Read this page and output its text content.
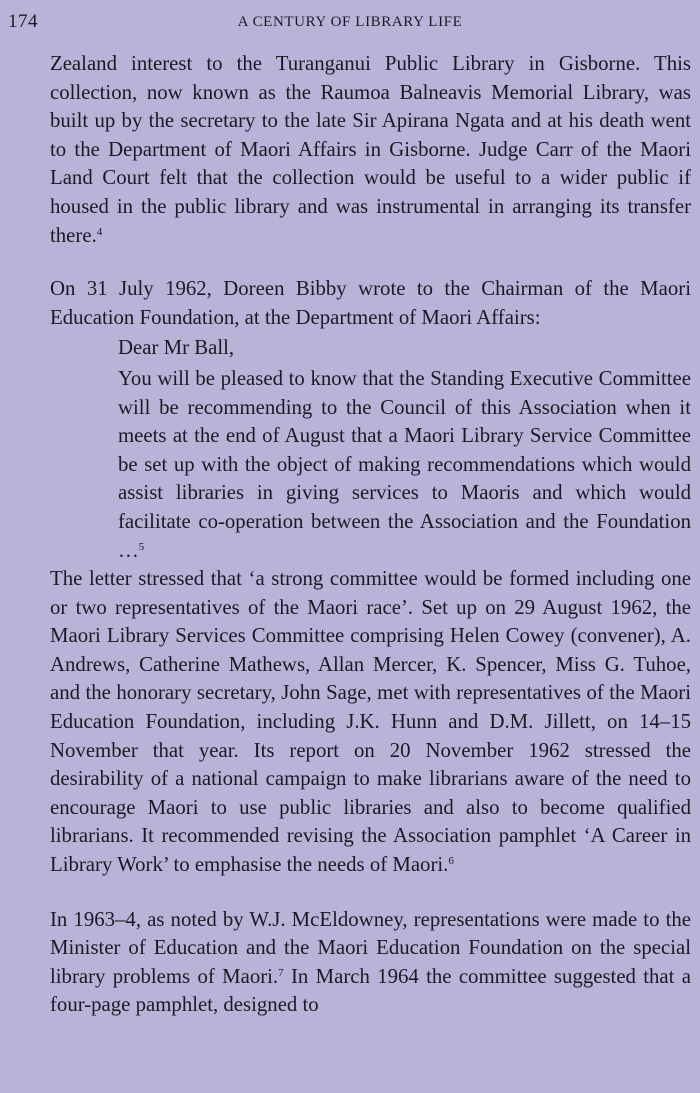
174	A CENTURY OF LIBRARY LIFE

Zealand interest to the Turanganui Public Library in Gisborne. This collection, now known as the Raumoa Balneavis Memorial Library, was built up by the secretary to the late Sir Apirana Ngata and at his death went to the Department of Maori Affairs in Gisborne. Judge Carr of the Maori Land Court felt that the collection would be useful to a wider public if housed in the public library and was instrumental in arranging its transfer there.$^4$

On 31 July 1962, Doreen Bibby wrote to the Chairman of the Maori Education Foundation, at the Department of Maori Affairs:

Dear Mr Ball,

You will be pleased to know that the Standing Executive Committee will be recommending to the Council of this Association when it meets at the end of August that a Maori Library Service Committee be set up with the object of making recommendations which would assist libraries in giving services to Maoris and which would facilitate co-operation between the Association and the Foundation …$^5$

The letter stressed that ‘a strong committee would be formed including one or two representatives of the Maori race’. Set up on 29 August 1962, the Maori Library Services Committee comprising Helen Cowey (convener), A. Andrews, Catherine Mathews, Allan Mercer, K. Spencer, Miss G. Tuhoe, and the honorary secretary, John Sage, met with representatives of the Maori Education Foundation, including J.K. Hunn and D.M. Jillett, on 14–15 November that year. Its report on 20 November 1962 stressed the desirability of a national campaign to make librarians aware of the need to encourage Maori to use public libraries and also to become qualified librarians. It recommended revising the Association pamphlet ‘A Career in Library Work’ to emphasise the needs of Maori.$^6$

In 1963–4, as noted by W.J. McEldowney, representations were made to the Minister of Education and the Maori Education Foundation on the special library problems of Maori.$^7$ In March 1964 the committee suggested that a four-page pamphlet, designed to
